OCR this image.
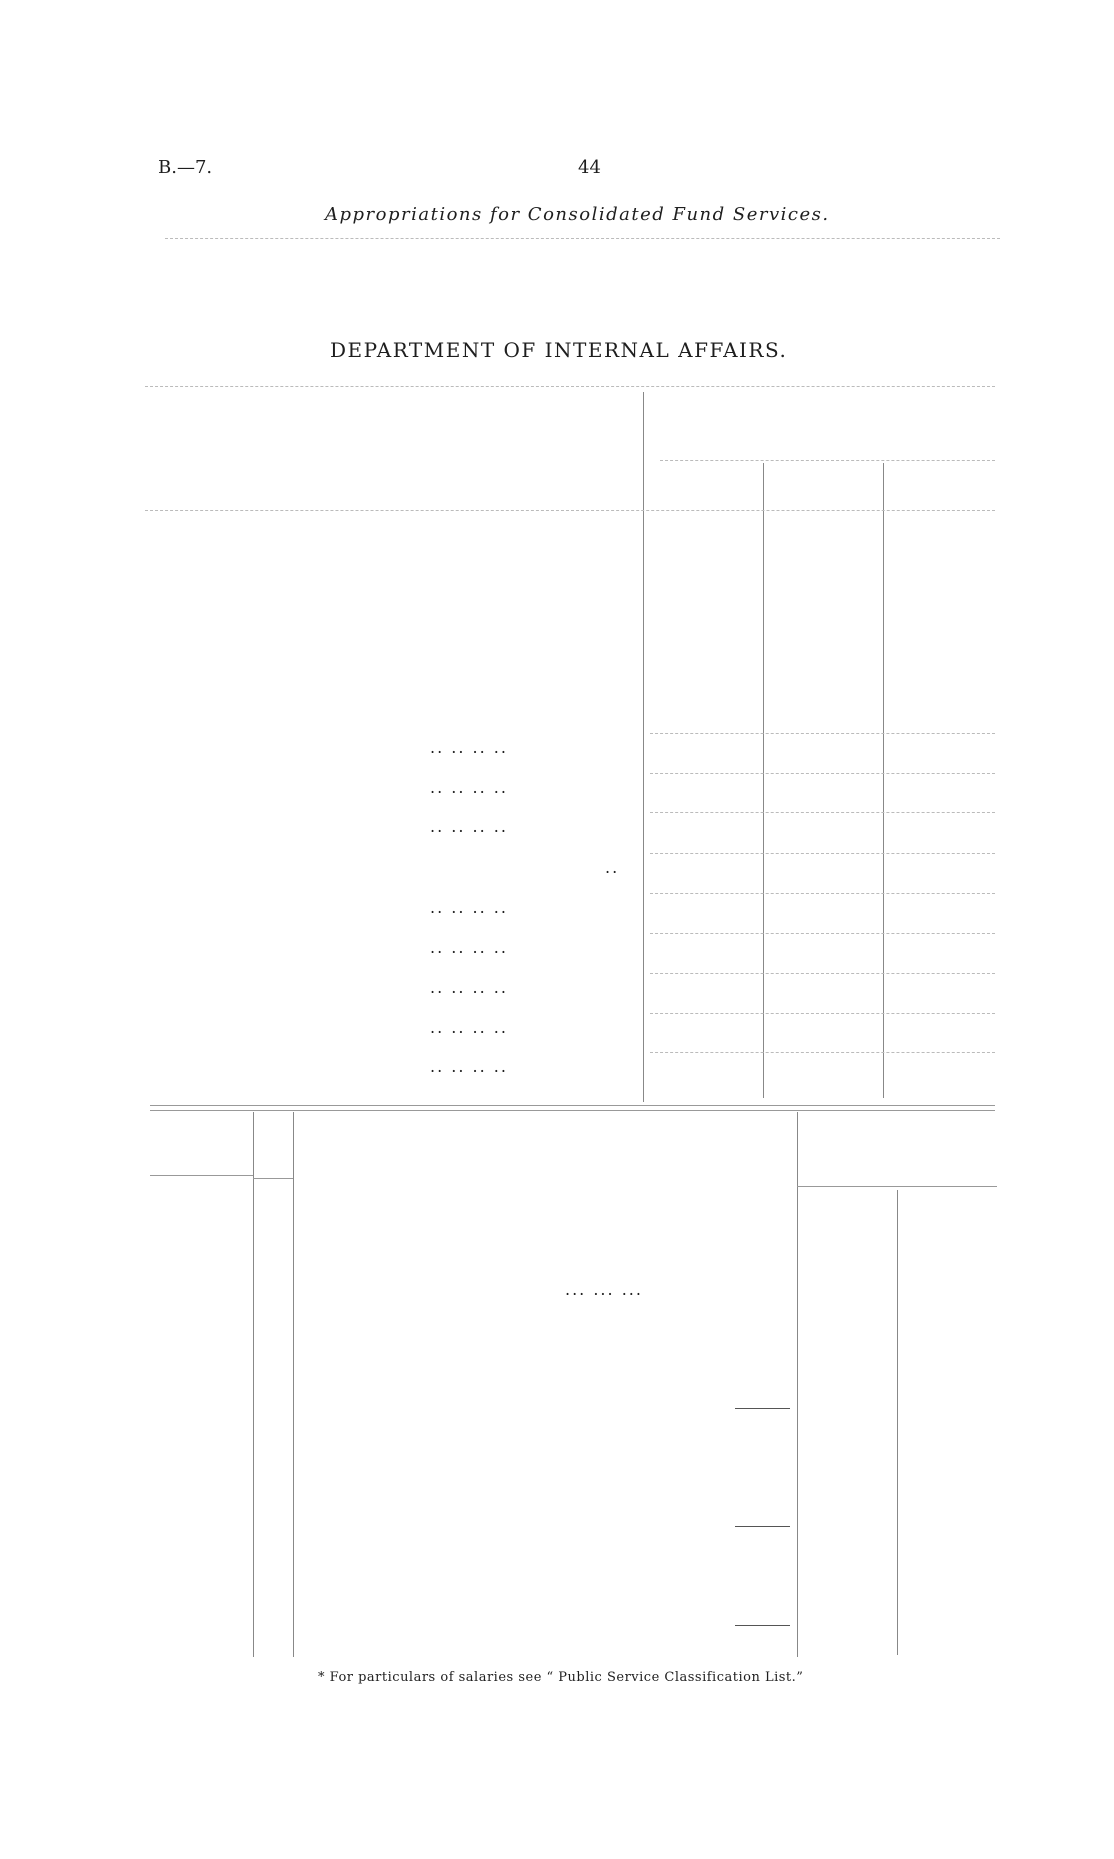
B.—7.	44
Appropriations for Consolidated Fund Services.
DEPARTMENT OF INTERNAL AFFAIRS.
.. .. .. ..
.. .. .. ..
.. .. .. ..
..
.. .. .. ..
.. .. .. ..
.. .. .. ..
.. .. .. ..
.. .. .. ..
... ... ...
* For particulars of salaries see “ Public Service Classification List.”
